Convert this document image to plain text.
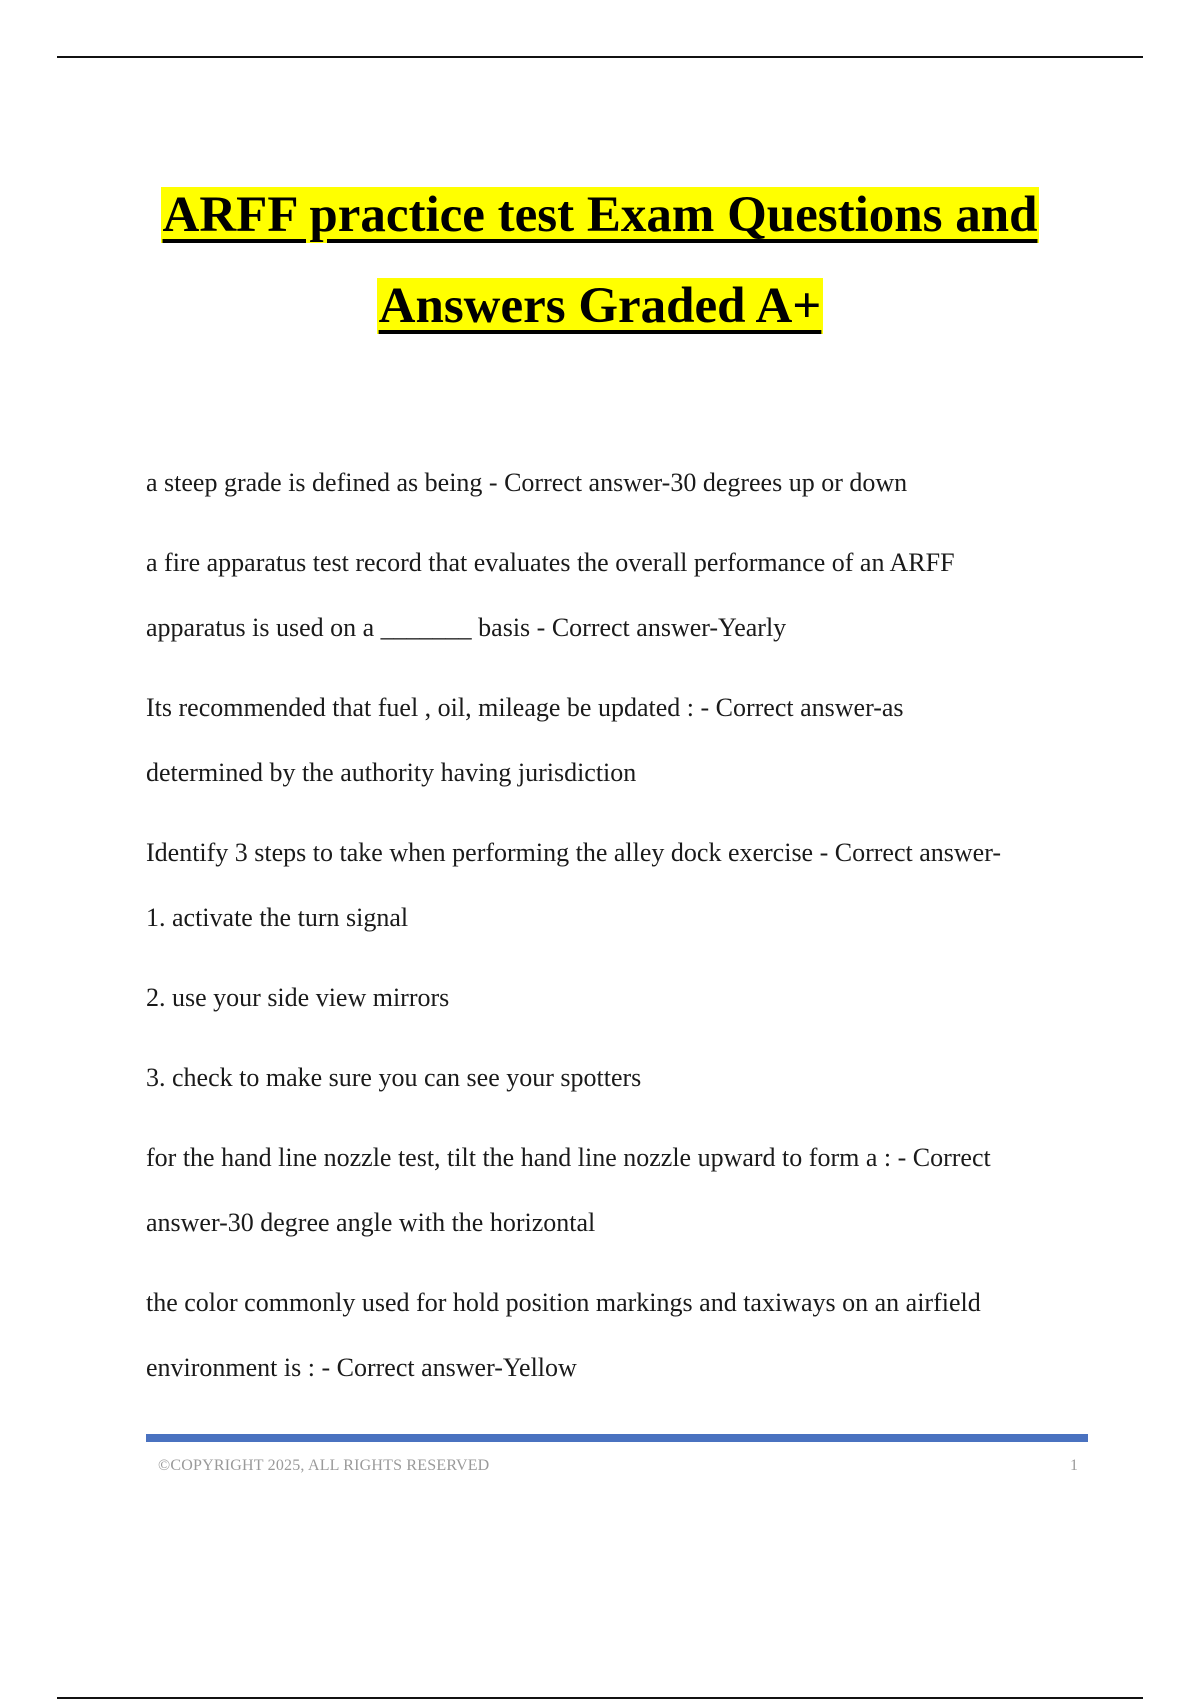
ARFF practice test Exam Questions and
Answers Graded A+

a steep grade is defined as being - Correct answer-30 degrees up or down

a fire apparatus test record that evaluates the overall performance of an ARFF

apparatus is used on a _______ basis - Correct answer-Yearly

Its recommended that fuel , oil, mileage be updated : - Correct answer-as

determined by the authority having jurisdiction

Identify 3 steps to take when performing the alley dock exercise - Correct answer-

1. activate the turn signal

2. use your side view mirrors

3. check to make sure you can see your spotters

for the hand line nozzle test, tilt the hand line nozzle upward to form a : - Correct

answer-30 degree angle with the horizontal

the color commonly used for hold position markings and taxiways on an airfield

environment is : - Correct answer-Yellow

©COPYRIGHT 2025, ALL RIGHTS RESERVED	1
